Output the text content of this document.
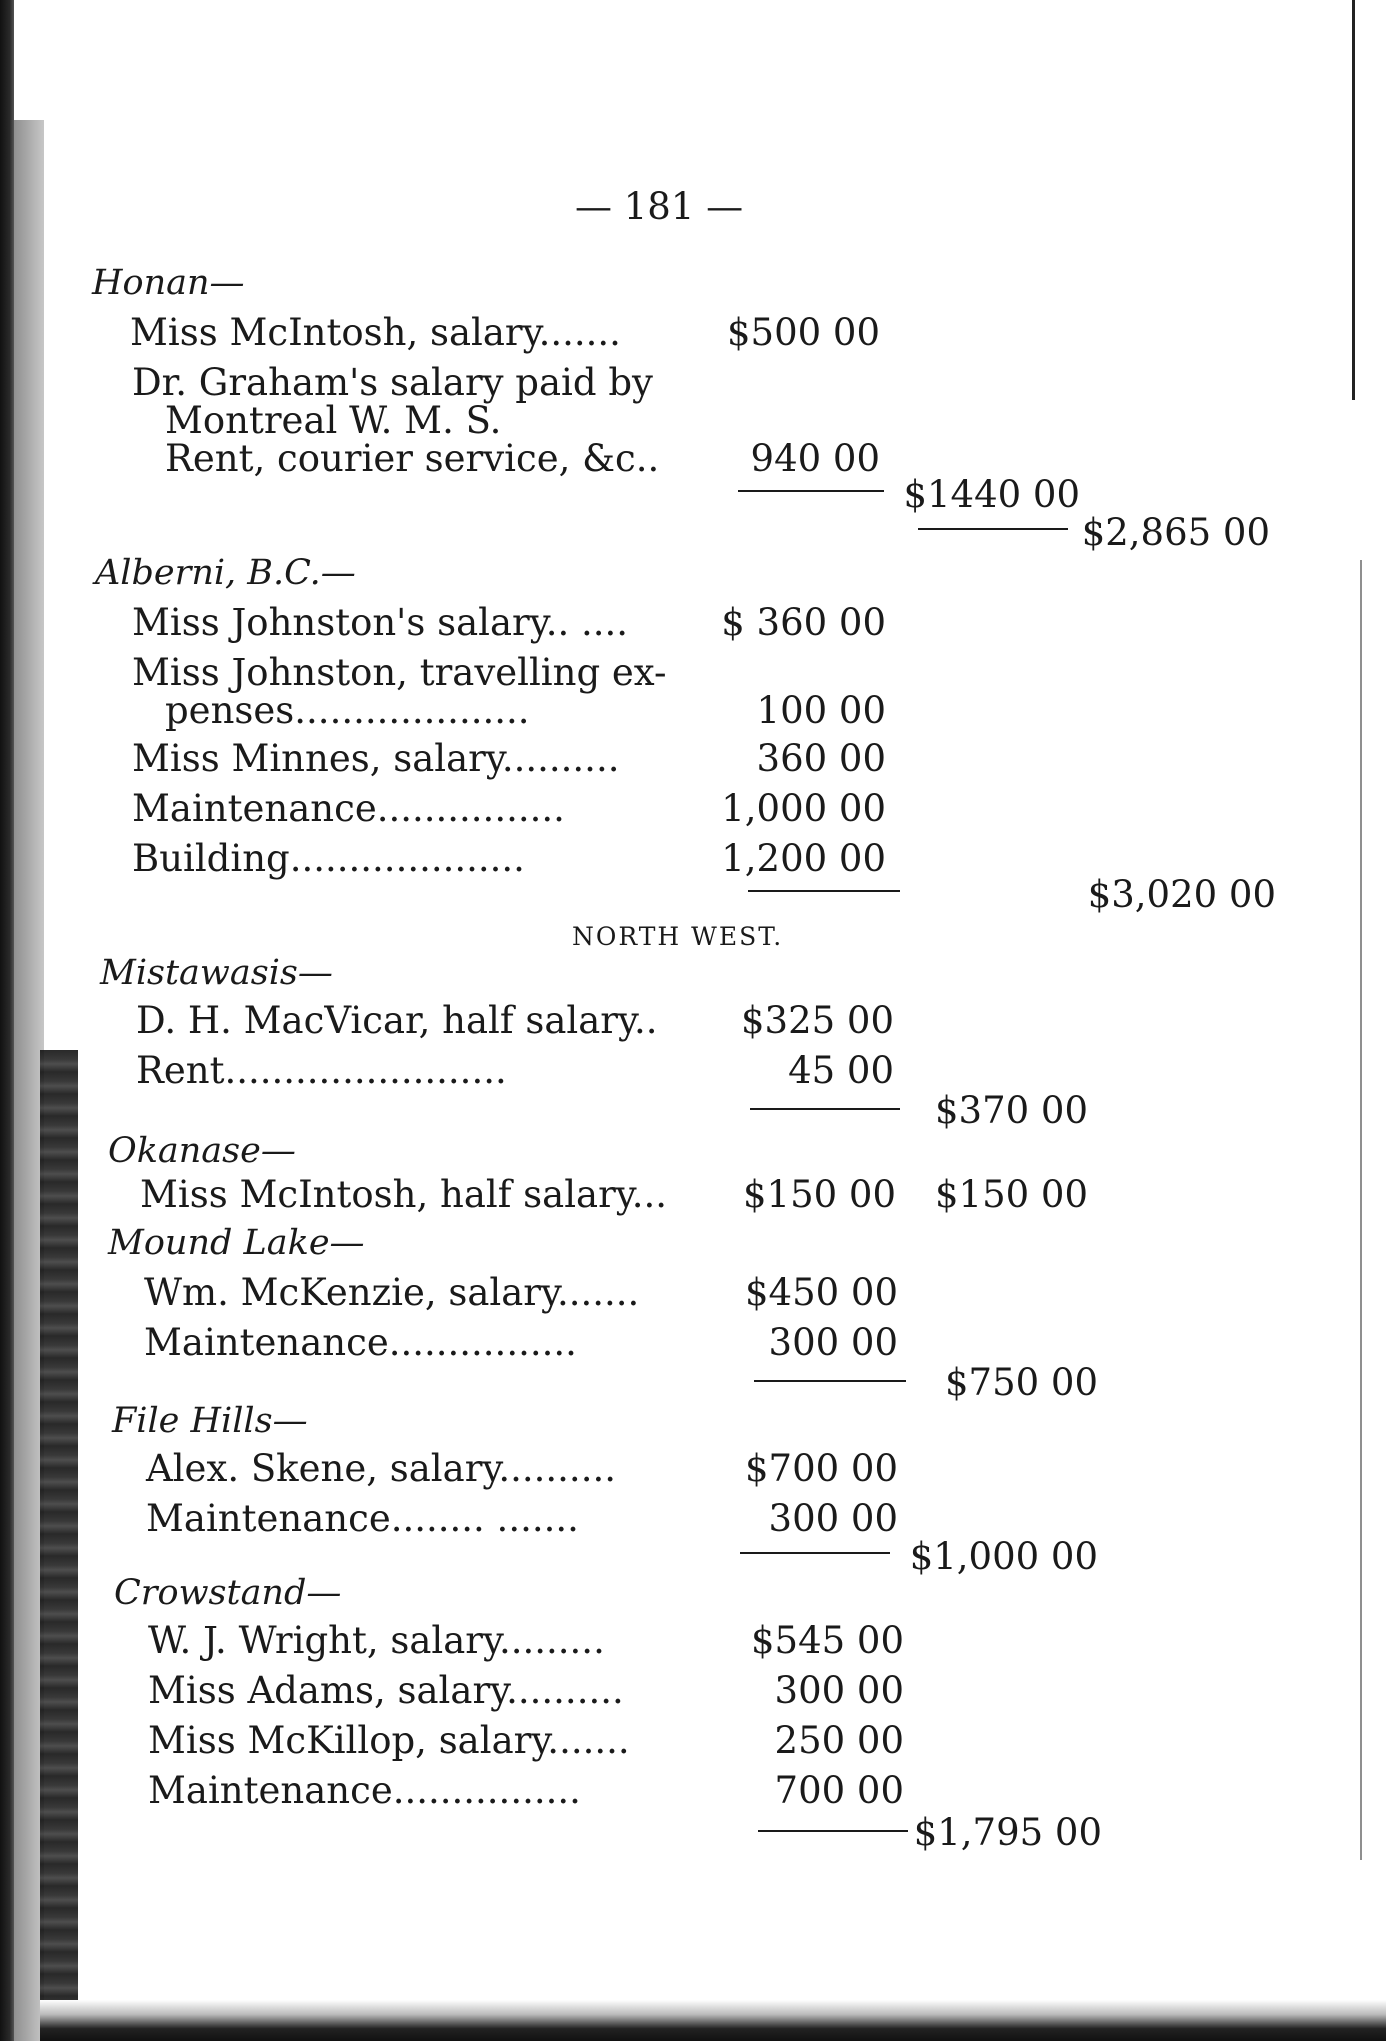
— 181 —
Honan—
Miss McIntosh, salary.......	$500 00
Dr. Graham's salary paid by
Montreal W. M. S.
Rent, courier service, &c..	940 00
$1440 00
$2,865 00
Alberni, B.C.—
Miss Johnston's salary.. ....	$ 360 00
Miss Johnston, travelling ex-
penses....................	100 00
Miss Minnes, salary..........	360 00
Maintenance................	1,000 00
Building....................	1,200 00
$3,020 00
NORTH WEST.
Mistawasis—
D. H. MacVicar, half salary..	$325 00
Rent........................	45 00
$370 00
Okanase—
Miss McIntosh, half salary...	$150 00	$150 00
Mound Lake—
Wm. McKenzie, salary.......	$450 00
Maintenance................	300 00
$750 00
File Hills—
Alex. Skene, salary..........	$700 00
Maintenance........ .......	300 00
$1,000 00
Crowstand—
W. J. Wright, salary.........	$545 00
Miss Adams, salary..........	300 00
Miss McKillop, salary.......	250 00
Maintenance................	700 00
$1,795 00
